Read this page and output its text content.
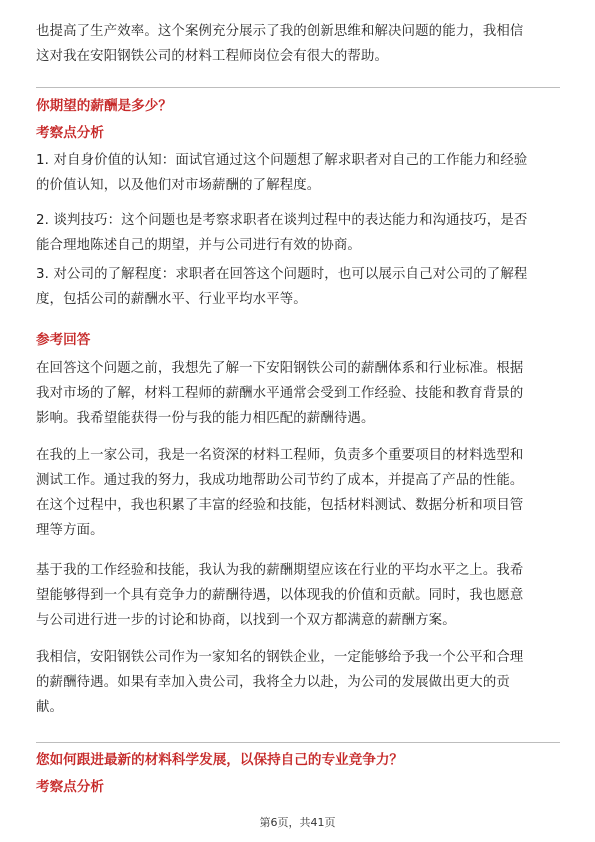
也提高了生产效率。这个案例充分展示了我的创新思维和解决问题的能力，我相信
这对我在安阳钢铁公司的材料工程师岗位会有很大的帮助。
你期望的薪酬是多少？
考察点分析
1. 对自身价值的认知：面试官通过这个问题想了解求职者对自己的工作能力和经验
的价值认知，以及他们对市场薪酬的了解程度。
2. 谈判技巧：这个问题也是考察求职者在谈判过程中的表达能力和沟通技巧，是否
能合理地陈述自己的期望，并与公司进行有效的协商。
3. 对公司的了解程度：求职者在回答这个问题时，也可以展示自己对公司的了解程
度，包括公司的薪酬水平、行业平均水平等。
参考回答
在回答这个问题之前，我想先了解一下安阳钢铁公司的薪酬体系和行业标准。根据
我对市场的了解，材料工程师的薪酬水平通常会受到工作经验、技能和教育背景的
影响。我希望能获得一份与我的能力相匹配的薪酬待遇。
在我的上一家公司，我是一名资深的材料工程师，负责多个重要项目的材料选型和
测试工作。通过我的努力，我成功地帮助公司节约了成本，并提高了产品的性能。
在这个过程中，我也积累了丰富的经验和技能，包括材料测试、数据分析和项目管
理等方面。
基于我的工作经验和技能，我认为我的薪酬期望应该在行业的平均水平之上。我希
望能够得到一个具有竞争力的薪酬待遇，以体现我的价值和贡献。同时，我也愿意
与公司进行进一步的讨论和协商，以找到一个双方都满意的薪酬方案。
我相信，安阳钢铁公司作为一家知名的钢铁企业，一定能够给予我一个公平和合理
的薪酬待遇。如果有幸加入贵公司，我将全力以赴，为公司的发展做出更大的贡
献。
您如何跟进最新的材料科学发展，以保持自己的专业竞争力？
考察点分析
第6页，共41页
